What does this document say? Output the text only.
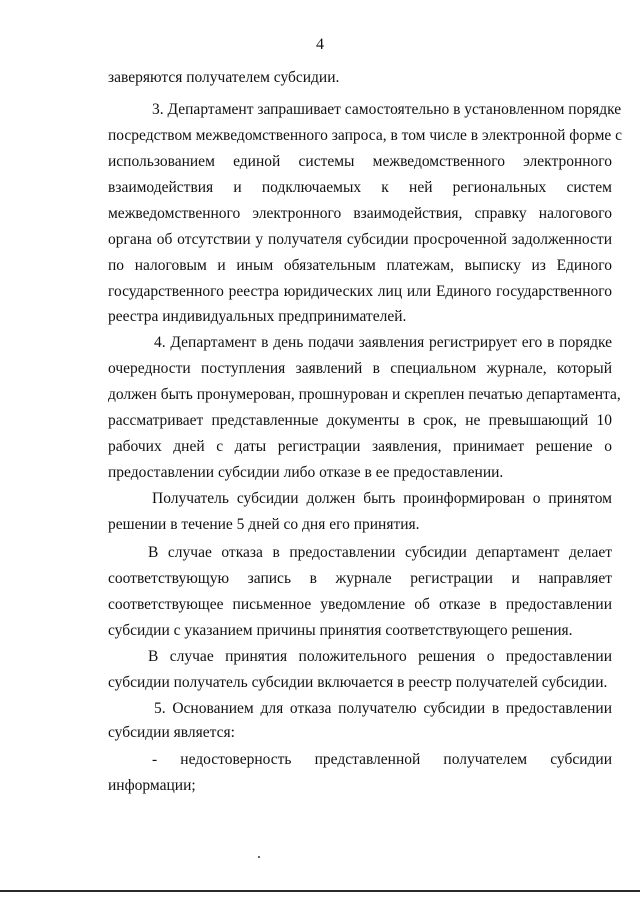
4
заверяются получателем субсидии.
3. Департамент запрашивает самостоятельно в установленном порядке
посредством межведомственного запроса, в том числе в электронной форме с
использованием единой системы межведомственного электронного
взаимодействия и подключаемых к ней региональных систем
межведомственного электронного взаимодействия, справку налогового
органа об отсутствии у получателя субсидии просроченной задолженности
по налоговым и иным обязательным платежам, выписку из Единого
государственного реестра юридических лиц или Единого государственного
реестра индивидуальных предпринимателей.
4. Департамент в день подачи заявления регистрирует его в порядке
очередности поступления заявлений в специальном журнале, который
должен быть пронумерован, прошнурован и скреплен печатью департамента,
рассматривает представленные документы в срок, не превышающий 10
рабочих дней с даты регистрации заявления, принимает решение о
предоставлении субсидии либо отказе в ее предоставлении.
Получатель субсидии должен быть проинформирован о принятом
решении в течение 5 дней со дня его принятия.
В случае отказа в предоставлении субсидии департамент делает
соответствующую запись в журнале регистрации и направляет
соответствующее письменное уведомление об отказе в предоставлении
субсидии с указанием причины принятия соответствующего решения.
В случае принятия положительного решения о предоставлении
субсидии получатель субсидии включается в реестр получателей субсидии.
5. Основанием для отказа получателю субсидии в предоставлении
субсидии является:
- недостоверность представленной получателем субсидии
информации;
